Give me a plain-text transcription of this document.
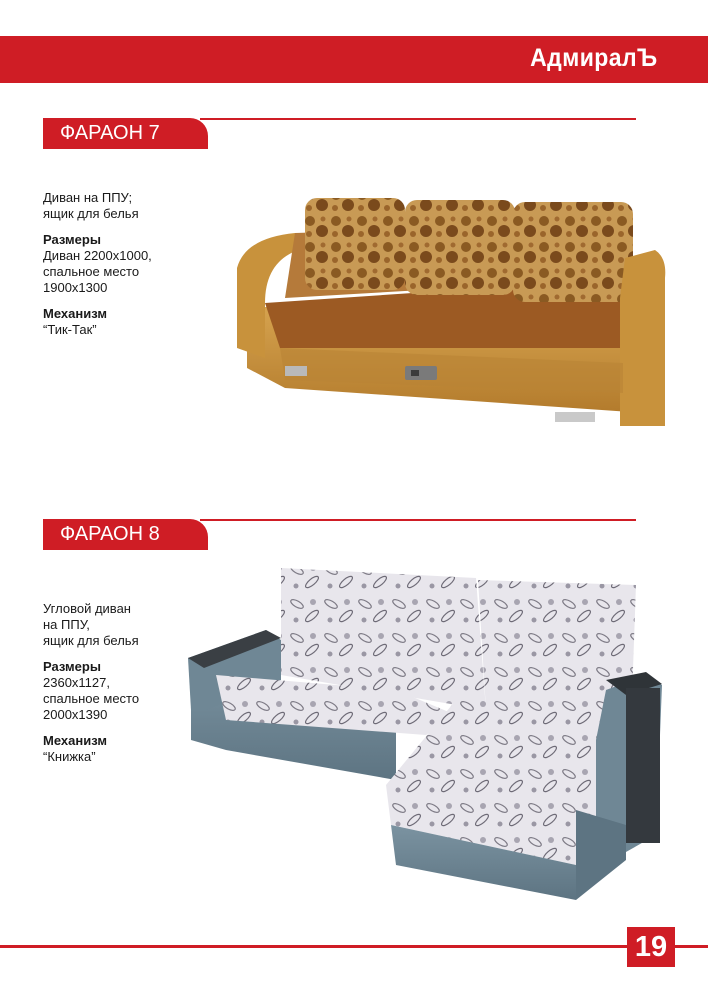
АдмиралЪ
ФАРАОН 7
Диван на ППУ;
ящик для белья
Размеры
Диван 2200х1000,
спальное место
1900х1300
Механизм
“Тик-Так”
ФАРАОН 8
Угловой диван
на ППУ,
ящик для белья
Размеры
2360х1127,
спальное место
2000х1390
Механизм
“Книжка”
19
